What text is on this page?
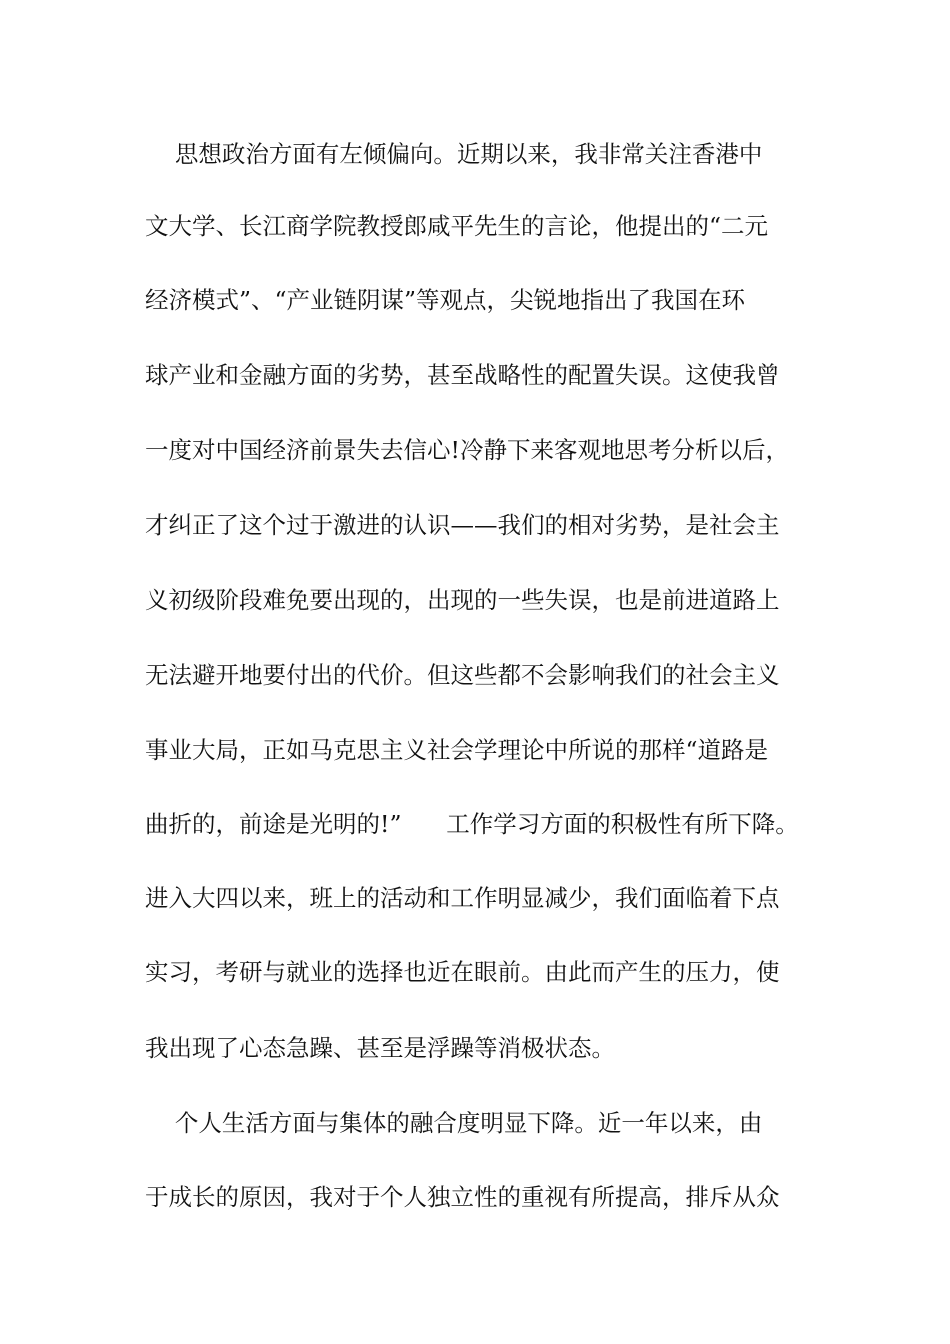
思想政治方面有左倾偏向。近期以来，我非常关注香港中
文大学、长江商学院教授郎咸平先生的言论，他提出的“二元
经济模式”、“产业链阴谋”等观点，尖锐地指出了我国在环
球产业和金融方面的劣势，甚至战略性的配置失误。这使我曾
一度对中国经济前景失去信心!冷静下来客观地思考分析以后，
才纠正了这个过于激进的认识——我们的相对劣势，是社会主
义初级阶段难免要出现的，出现的一些失误，也是前进道路上
无法避开地要付出的代价。但这些都不会影响我们的社会主义
事业大局，正如马克思主义社会学理论中所说的那样“道路是
曲折的，前途是光明的!”      工作学习方面的积极性有所下降。
进入大四以来，班上的活动和工作明显减少，我们面临着下点
实习，考研与就业的选择也近在眼前。由此而产生的压力，使
我出现了心态急躁、甚至是浮躁等消极状态。
个人生活方面与集体的融合度明显下降。近一年以来，由
于成长的原因，我对于个人独立性的重视有所提高，排斥从众
